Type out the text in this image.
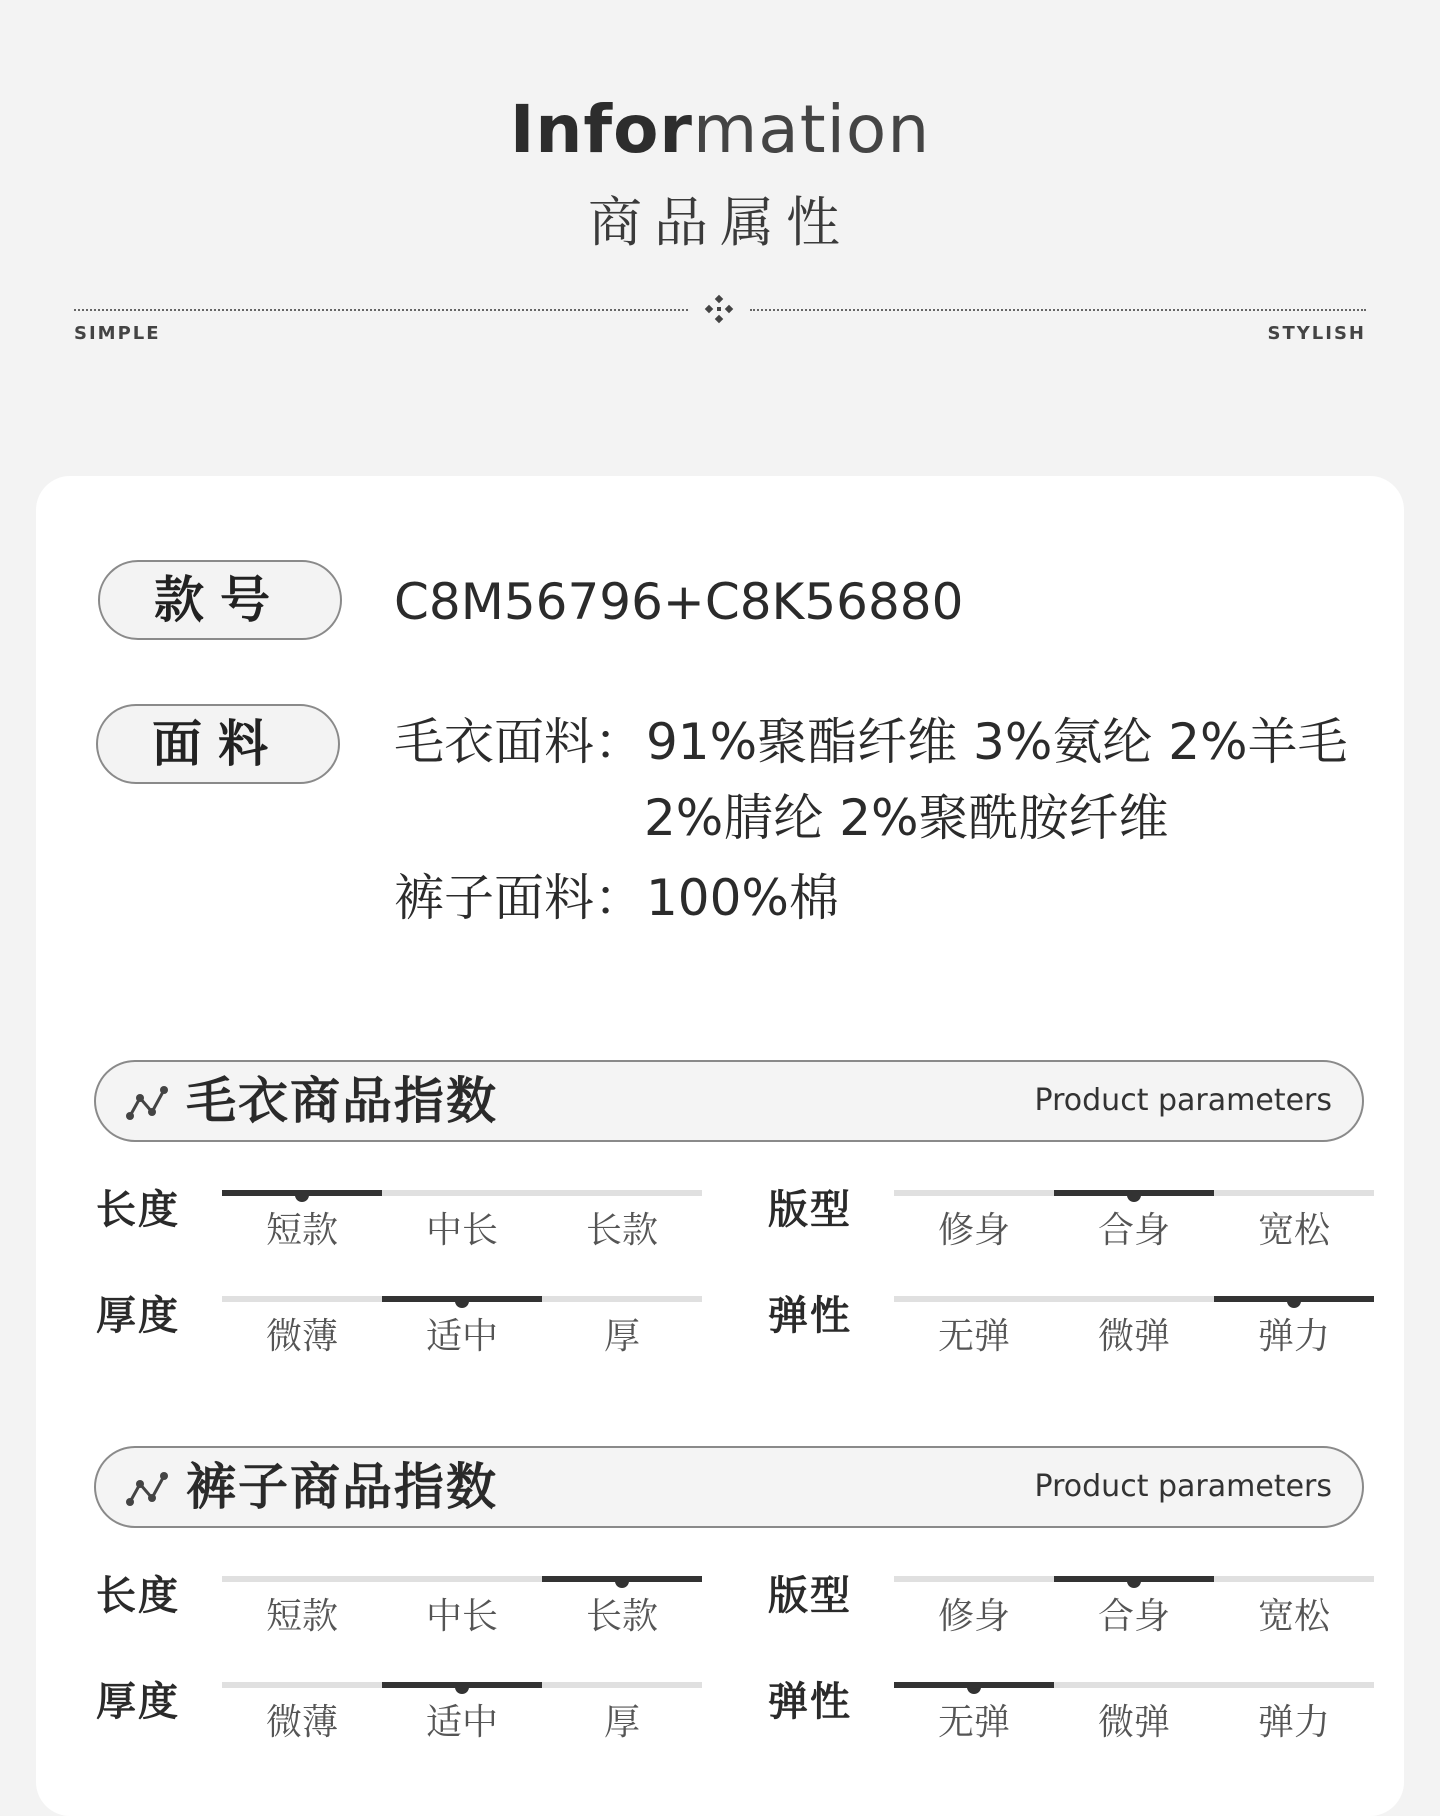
Information
商品属性
SIMPLE	STYLISH
款号	C8M56796+C8K56880
面料	毛衣面料： 91%聚酯纤维 3%氨纶 2%羊毛
2%腈纶 2%聚酰胺纤维
裤子面料： 100%棉
毛衣商品指数	Product parameters
长度	短款	中长	长款	版型	修身	合身	宽松
厚度	微薄	适中	厚	弹性	无弹	微弹	弹力
裤子商品指数	Product parameters
长度	短款	中长	长款	版型	修身	合身	宽松
厚度	微薄	适中	厚	弹性	无弹	微弹	弹力
